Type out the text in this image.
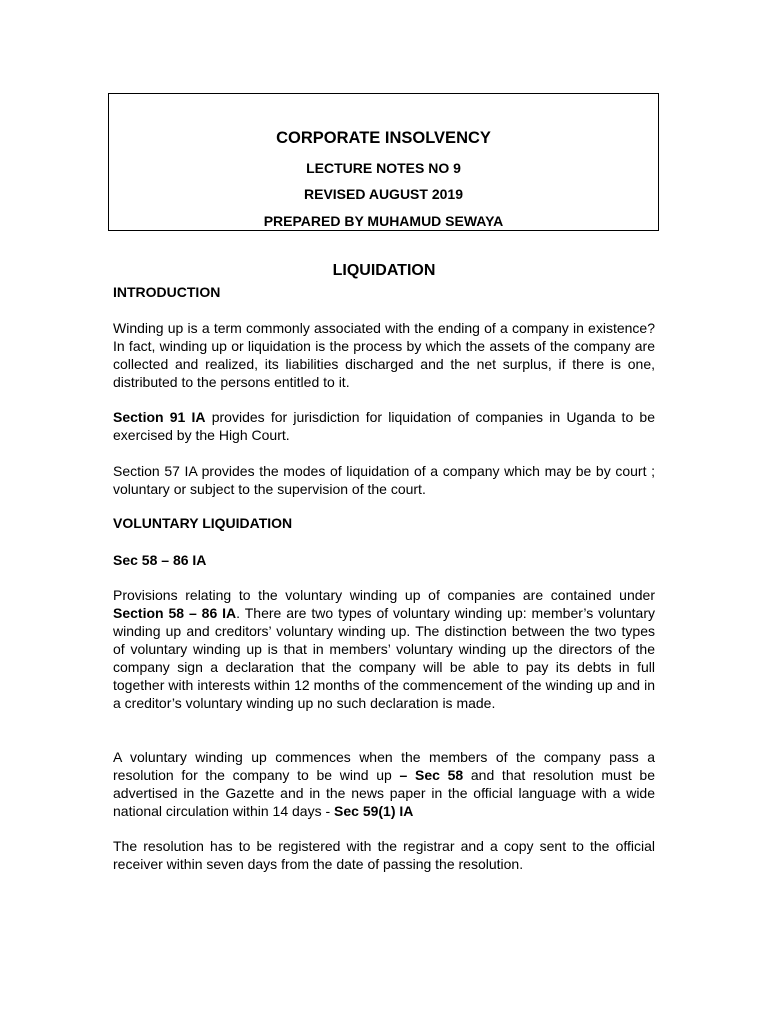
CORPORATE INSOLVENCY
LECTURE NOTES NO 9
REVISED AUGUST 2019
PREPARED BY MUHAMUD SEWAYA
LIQUIDATION
INTRODUCTION

Winding up is a term commonly associated with the ending of a company in existence? In fact, winding up or liquidation is the process by which the assets of the company are collected and realized, its liabilities discharged and the net surplus, if there is one, distributed to the persons entitled to it.

Section 91 IA provides for jurisdiction for liquidation of companies in Uganda to be exercised by the High Court.

Section 57 IA provides the modes of liquidation of a company which may be by court ; voluntary or subject to the supervision of the court.

VOLUNTARY LIQUIDATION
Sec 58 – 86 IA

Provisions relating to the voluntary winding up of companies are contained under Section 58 – 86 IA. There are two types of voluntary winding up: member’s voluntary winding up and creditors’ voluntary winding up. The distinction between the two types of voluntary winding up is that in members’ voluntary winding up the directors of the company sign a declaration that the company will be able to pay its debts in full together with interests within 12 months of the commencement of the winding up and in a creditor’s voluntary winding up no such declaration is made.

A voluntary winding up commences when the members of the company pass a resolution for the company to be wind up – Sec 58 and that resolution must be advertised in the Gazette and in the news paper in the official language with a wide national circulation within 14 days - Sec 59(1) IA

The resolution has to be registered with the registrar and a copy sent to the official receiver within seven days from the date of passing the resolution.
